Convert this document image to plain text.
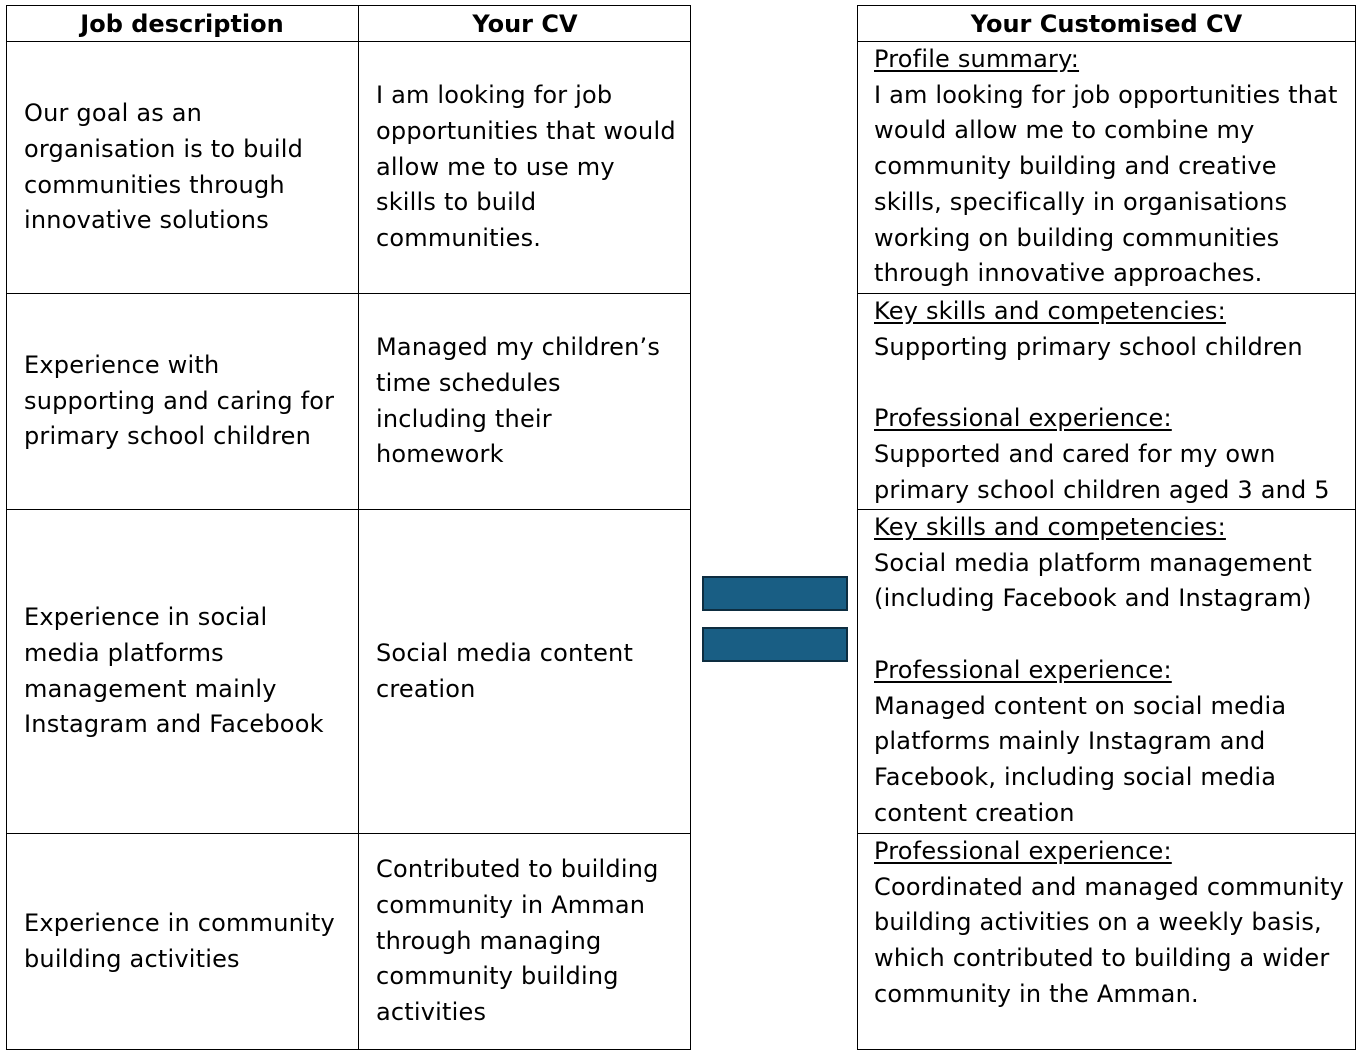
Job description	Your CV	Your Customised CV
Our goal as an organisation is to build communities through innovative solutions
I am looking for job opportunities that would allow me to use my skills to build communities.
Profile summary:
I am looking for job opportunities that would allow me to combine my community building and creative skills, specifically in organisations working on building communities through innovative approaches.
Experience with supporting and caring for primary school children
Managed my children’s time schedules including their homework
Key skills and competencies:
Supporting primary school children
Professional experience:
Supported and cared for my own primary school children aged 3 and 5
Experience in social media platforms management mainly Instagram and Facebook
Social media content creation
Key skills and competencies:
Social media platform management (including Facebook and Instagram)
Professional experience:
Managed content on social media platforms mainly Instagram and Facebook, including social media content creation
Experience in community building activities
Contributed to building community in Amman through managing community building activities
Professional experience:
Coordinated and managed community building activities on a weekly basis, which contributed to building a wider community in the Amman.
